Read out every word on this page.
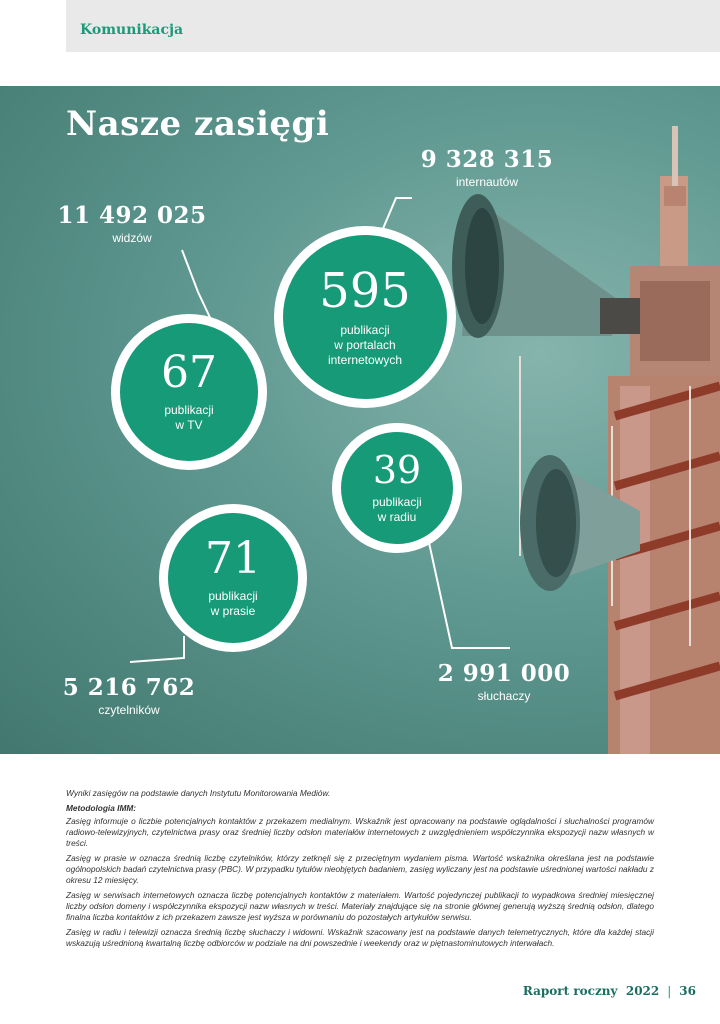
Komunikacja
Nasze zasięgi
595
publikacji
w portalach
internetowych
67
publikacji
w TV
39
publikacji
w radiu
71
publikacji
w prasie
9 328 315
internautów
11 492 025
widzów
5 216 762
czytelników
2 991 000
słuchaczy

Wyniki zasięgów na podstawie danych Instytutu Monitorowania Mediów.

Metodologia IMM:

Zasięg informuje o liczbie potencjalnych kontaktów z przekazem medialnym. Wskaźnik jest opracowany na podstawie oglądalności i słuchalności programów radiowo-telewizyjnych, czytelnictwa prasy oraz średniej liczby odsłon materiałów internetowych z uwzględnieniem współczynnika ekspozycji nazw własnych w treści.

Zasięg w prasie w oznacza średnią liczbę czytelników, którzy zetknęli się z przeciętnym wydaniem pisma. Wartość wskaźnika określana jest na podstawie ogólnopolskich badań czytelnictwa prasy (PBC). W przypadku tytułów nieobjętych badaniem, zasięg wyliczany jest na podstawie uśrednionej wartości nakładu z okresu 12 miesięcy.

Zasięg w serwisach internetowych oznacza liczbę potencjalnych kontaktów z materiałem. Wartość pojedynczej publikacji to wypadkowa średniej miesięcznej liczby odsłon domeny i współczynnika ekspozycji nazw własnych w treści. Materiały znajdujące się na stronie głównej generują wyższą średnią odsłon, dlatego finalna liczba kontaktów z ich przekazem zawsze jest wyższa w porównaniu do pozostałych artykułów serwisu.

Zasięg w radiu i telewizji oznacza średnią liczbę słuchaczy i widowni. Wskaźnik szacowany jest na podstawie danych telemetrycznych, które dla każdej stacji wskazują uśrednioną kwartalną liczbę odbiorców w podziale na dni powszednie i weekendy oraz w piętnastominutowych interwałach.

Raport roczny  2022 | 36
